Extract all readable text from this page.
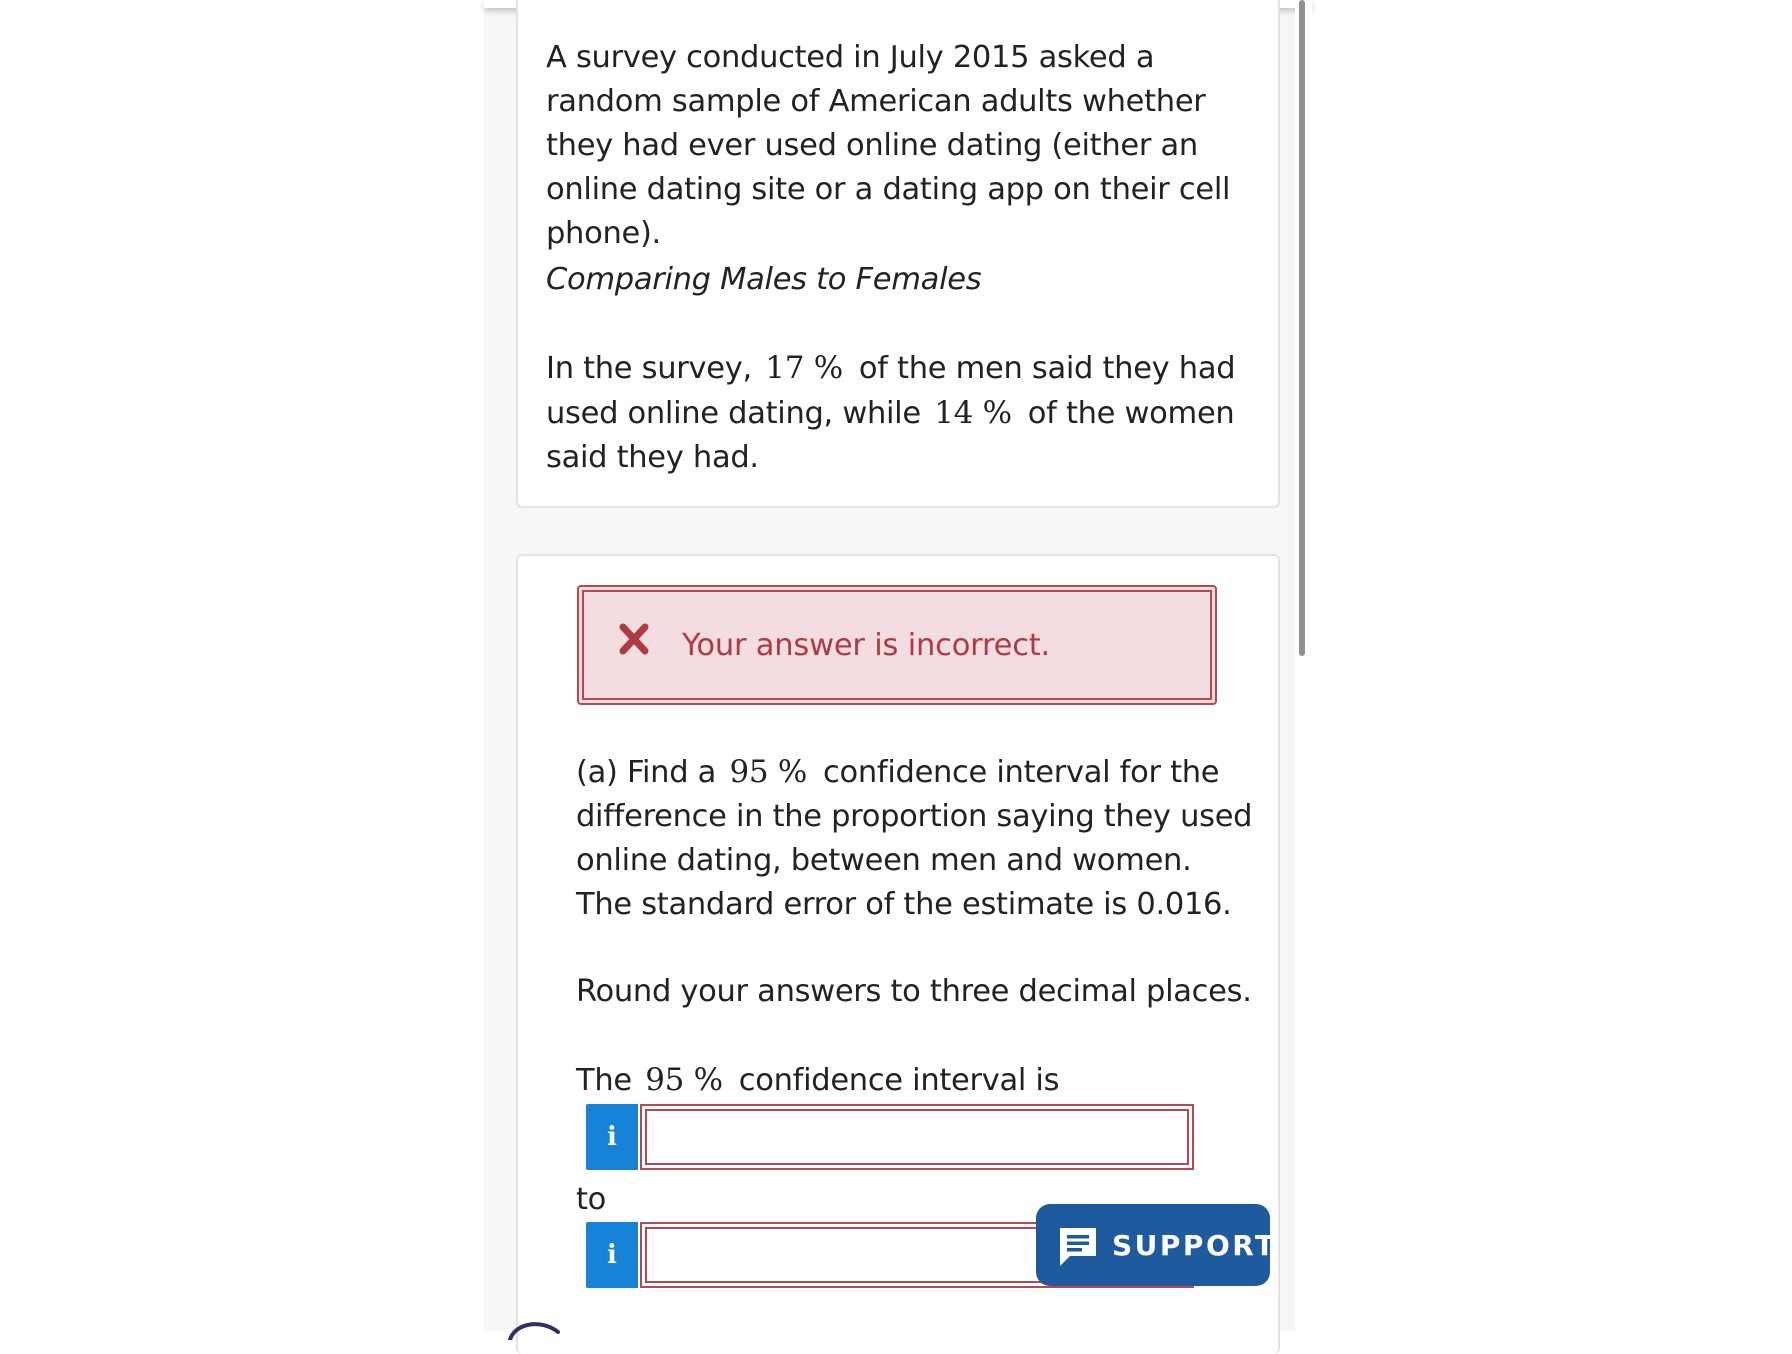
A survey conducted in July 2015 asked a random sample of American adults whether they had ever used online dating (either an online dating site or a dating app on their cell phone).

Comparing Males to Females

In the survey, 17 % of the men said they had used online dating, while 14 % of the women said they had.

Your answer is incorrect.

(a) Find a 95 % confidence interval for the difference in the proportion saying they used online dating, between men and women. The standard error of the estimate is 0.016.

Round your answers to three decimal places.

The 95 % confidence interval is

i

to

i	SUPPORT
